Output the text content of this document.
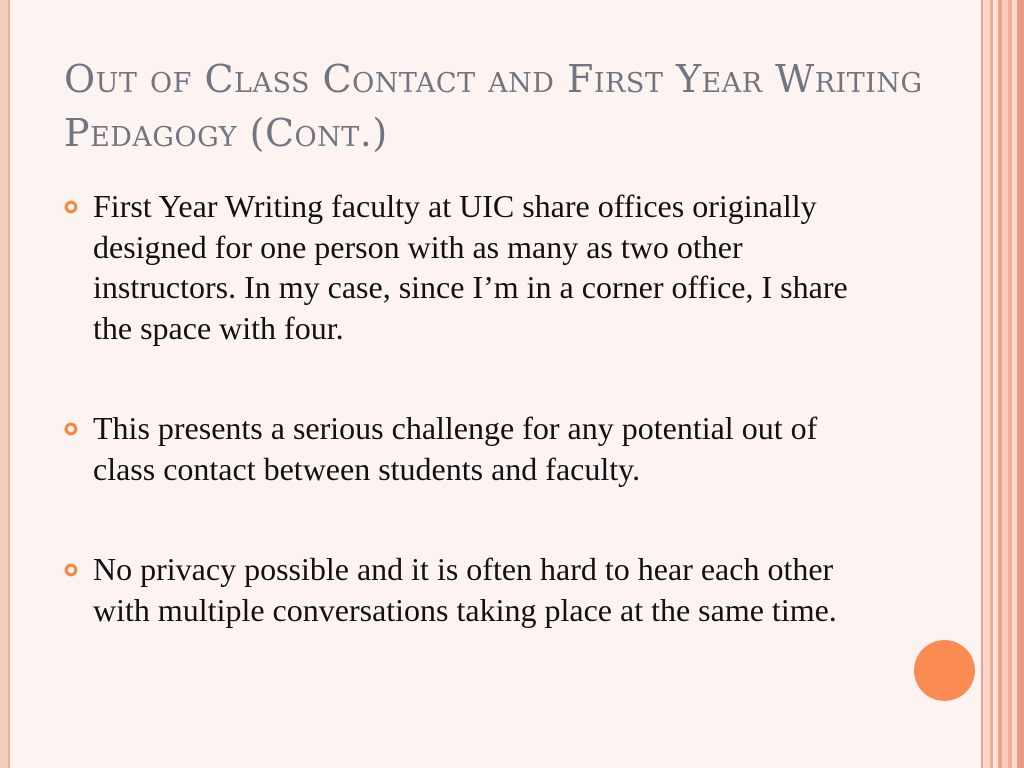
Out of Class Contact and First Year Writing Pedagogy (Cont.)
First Year Writing faculty at UIC share offices originally designed for one person with as many as two other instructors. In my case, since I’m in a corner office, I share the space with four.
This presents a serious challenge for any potential out of class contact between students and faculty.
No privacy possible and it is often hard to hear each other with multiple conversations taking place at the same time.
